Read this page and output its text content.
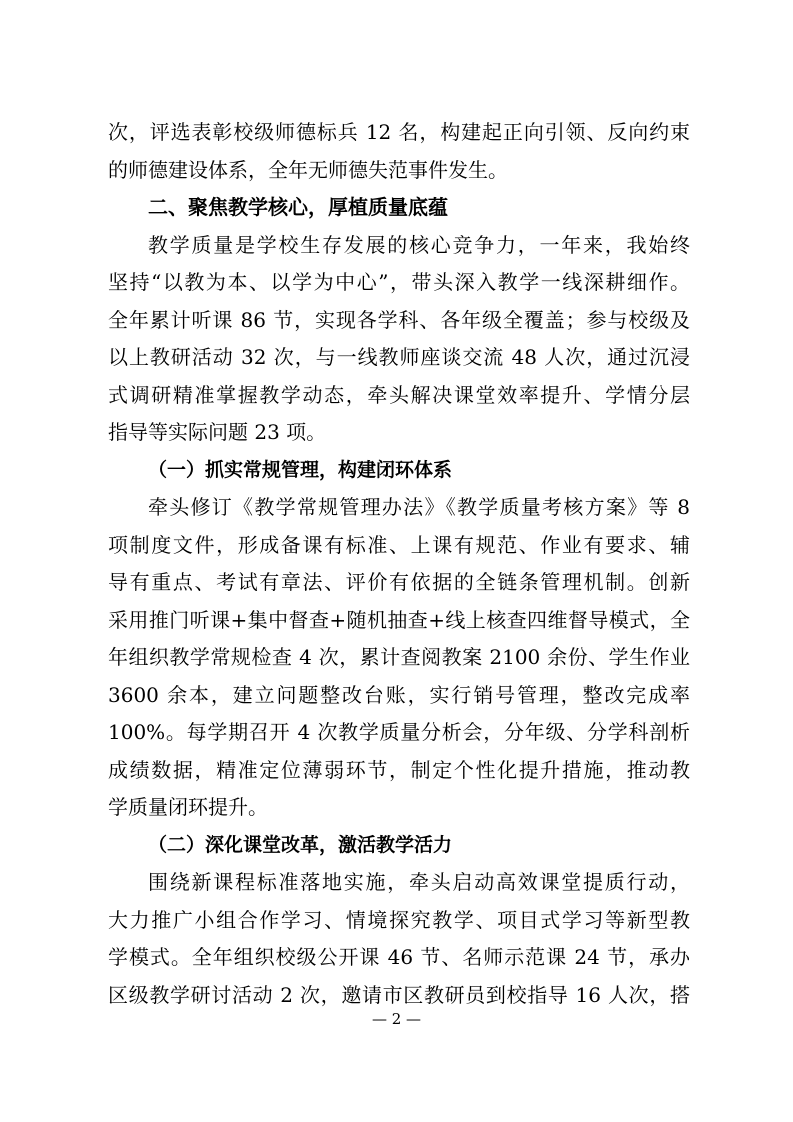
次，评选表彰校级师德标兵 12 名，构建起正向引领、反向约束
的师德建设体系，全年无师德失范事件发生。
二、聚焦教学核心，厚植质量底蕴
教学质量是学校生存发展的核心竞争力，一年来，我始终
坚持“以教为本、以学为中心”，带头深入教学一线深耕细作。
全年累计听课 86 节，实现各学科、各年级全覆盖；参与校级及
以上教研活动 32 次，与一线教师座谈交流 48 人次，通过沉浸
式调研精准掌握教学动态，牵头解决课堂效率提升、学情分层
指导等实际问题 23 项。
（一）抓实常规管理，构建闭环体系
牵头修订《教学常规管理办法》《教学质量考核方案》等 8
项制度文件，形成备课有标准、上课有规范、作业有要求、辅
导有重点、考试有章法、评价有依据的全链条管理机制。创新
采用推门听课+集中督查+随机抽查+线上核查四维督导模式，全
年组织教学常规检查 4 次，累计查阅教案 2100 余份、学生作业
3600 余本，建立问题整改台账，实行销号管理，整改完成率
100%。每学期召开 4 次教学质量分析会，分年级、分学科剖析
成绩数据，精准定位薄弱环节，制定个性化提升措施，推动教
学质量闭环提升。
（二）深化课堂改革，激活教学活力
围绕新课程标准落地实施，牵头启动高效课堂提质行动，
大力推广小组合作学习、情境探究教学、项目式学习等新型教
学模式。全年组织校级公开课 46 节、名师示范课 24 节，承办
区级教学研讨活动 2 次，邀请市区教研员到校指导 16 人次，搭
— 2 —
